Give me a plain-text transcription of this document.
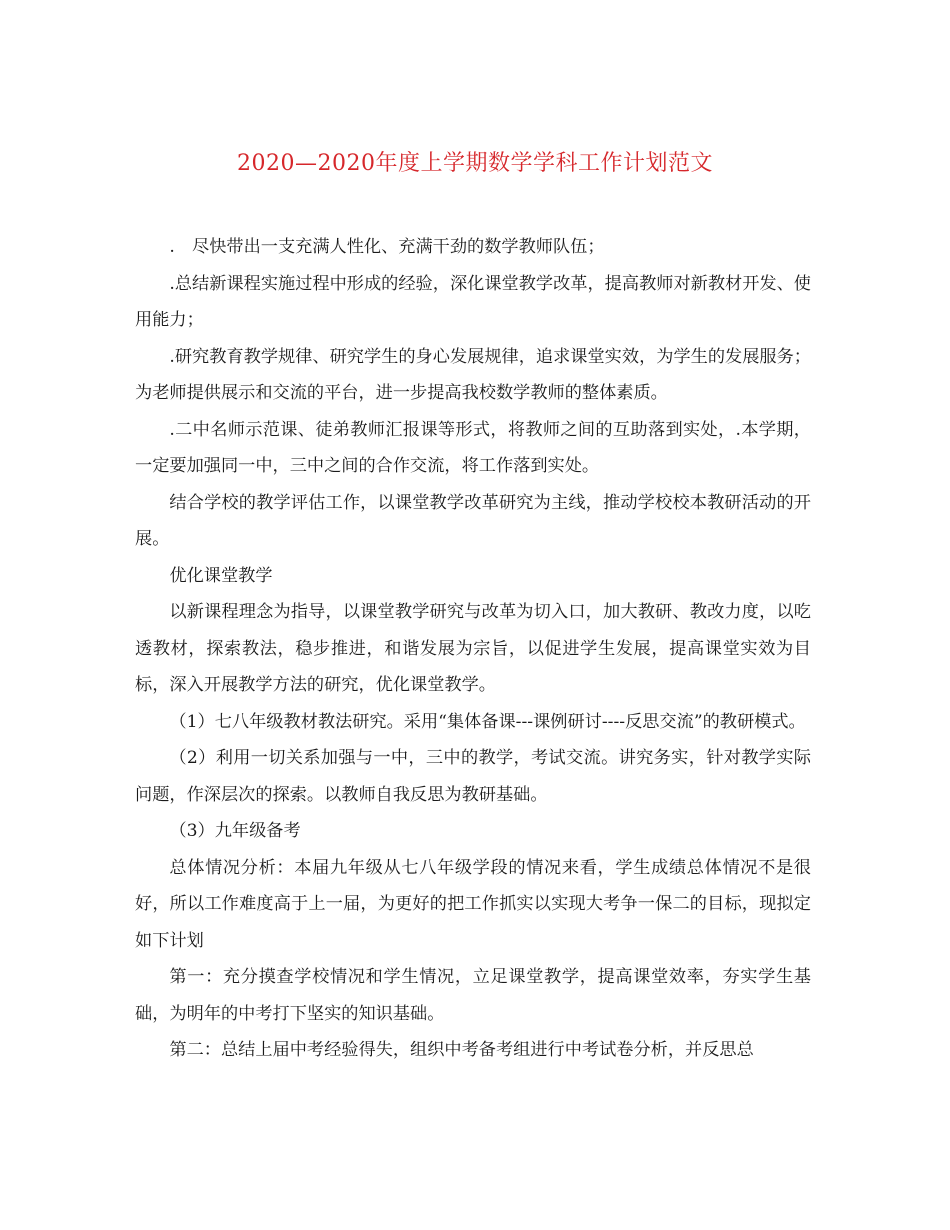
2020—2020年度上学期数学学科工作计划范文

.　尽快带出一支充满人性化、充满干劲的数学教师队伍；

.总结新课程实施过程中形成的经验，深化课堂教学改革，提高教师对新教材开发、使用能力；

.研究教育教学规律、研究学生的身心发展规律，追求课堂实效，为学生的发展服务；为老师提供展示和交流的平台，进一步提高我校数学教师的整体素质。

.二中名师示范课、徒弟教师汇报课等形式，将教师之间的互助落到实处，.本学期，一定要加强同一中，三中之间的合作交流，将工作落到实处。

结合学校的教学评估工作，以课堂教学改革研究为主线，推动学校校本教研活动的开展。

优化课堂教学

以新课程理念为指导，以课堂教学研究与改革为切入口，加大教研、教改力度，以吃透教材，探索教法，稳步推进，和谐发展为宗旨，以促进学生发展，提高课堂实效为目标，深入开展教学方法的研究，优化课堂教学。

（1）七八年级教材教法研究。采用“集体备课---课例研讨----反思交流”的教研模式。

（2）利用一切关系加强与一中，三中的教学，考试交流。讲究务实，针对教学实际问题，作深层次的探索。以教师自我反思为教研基础。

（3）九年级备考

总体情况分析：本届九年级从七八年级学段的情况来看，学生成绩总体情况不是很好，所以工作难度高于上一届，为更好的把工作抓实以实现大考争一保二的目标，现拟定如下计划

第一：充分摸查学校情况和学生情况，立足课堂教学，提高课堂效率，夯实学生基础，为明年的中考打下坚实的知识基础。

第二：总结上届中考经验得失，组织中考备考组进行中考试卷分析，并反思总
